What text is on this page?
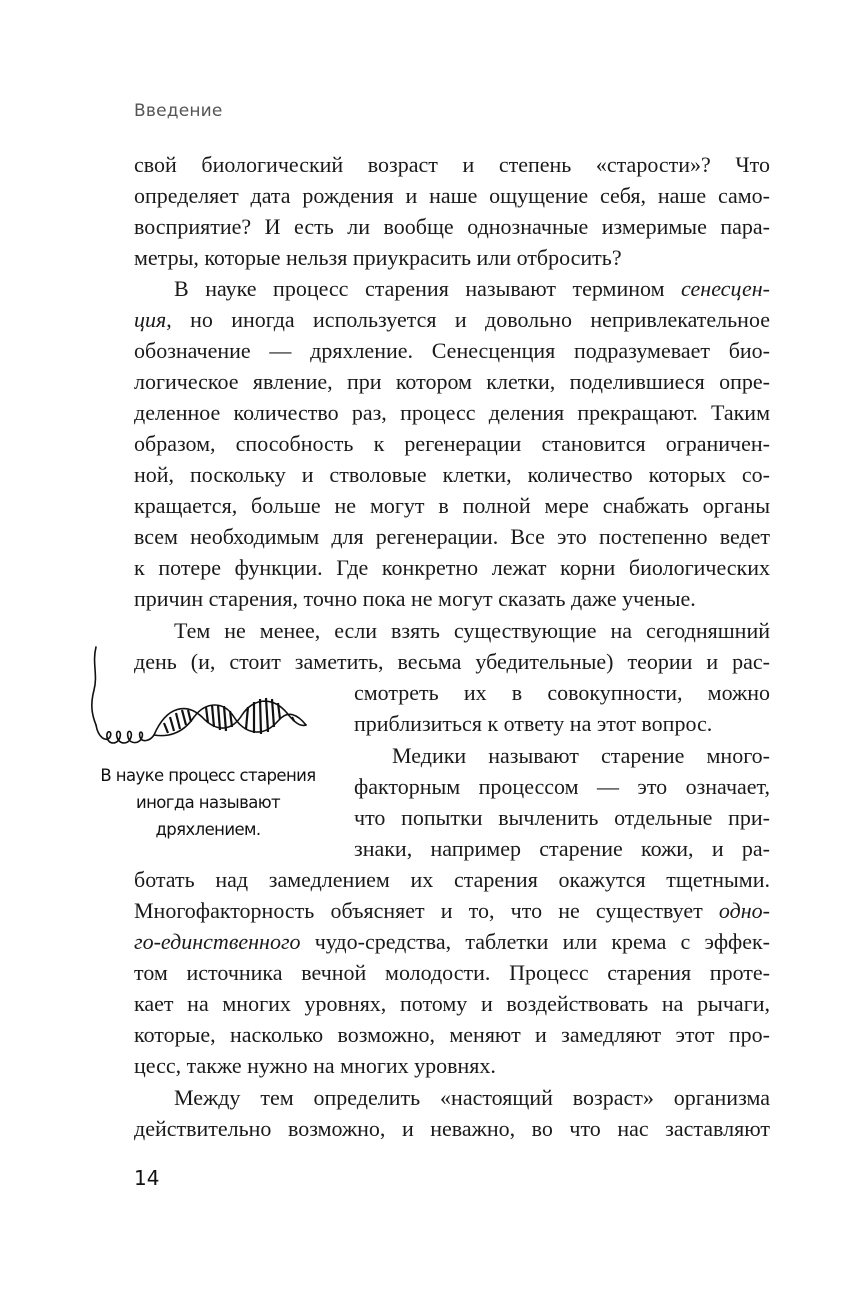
Введение
свой биологический возраст и степень «старости»? Что
определяет дата рождения и наше ощущение себя, наше само-
восприятие? И есть ли вообще однозначные измеримые пара-
метры, которые нельзя приукрасить или отбросить?
В науке процесс старения называют термином сенесцен-
ция, но иногда используется и довольно непривлекательное
обозначение — дряхление. Сенесценция подразумевает био-
логическое явление, при котором клетки, поделившиеся опре-
деленное количество раз, процесс деления прекращают. Таким
образом, способность к регенерации становится ограничен-
ной, поскольку и стволовые клетки, количество которых со-
кращается, больше не могут в полной мере снабжать органы
всем необходимым для регенерации. Все это постепенно ведет
к потере функции. Где конкретно лежат корни биологических
причин старения, точно пока не могут сказать даже ученые.
Тем не менее, если взять существующие на сегодняшний
день (и, стоит заметить, весьма убедительные) теории и рас-
смотреть их в совокупности, можно
приблизиться к ответу на этот вопрос.
Медики называют старение много-
факторным процессом — это означает,
что попытки вычленить отдельные при-
знаки, например старение кожи, и ра-
ботать над замедлением их старения окажутся тщетными.
Многофакторность объясняет и то, что не существует одно-
го-единственного чудо-средства, таблетки или крема с эффек-
том источника вечной молодости. Процесс старения проте-
кает на многих уровнях, потому и воздействовать на рычаги,
которые, насколько возможно, меняют и замедляют этот про-
цесс, также нужно на многих уровнях.
Между тем определить «настоящий возраст» организма
действительно возможно, и неважно, во что нас заставляют
В науке процесс старения
иногда называют
дряхлением.
14
